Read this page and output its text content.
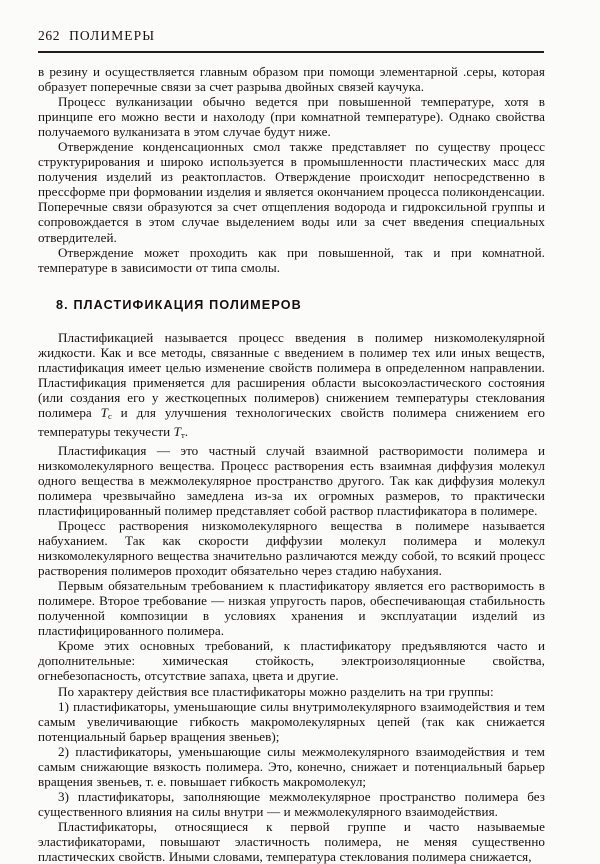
262 ПОЛИМЕРЫ

в резину и осуществляется главным образом при помощи элементарной .серы, которая образует поперечные связи за счет разрыва двойных связей каучука.

Процесс вулканизации обычно ведется при повышенной температуре, хотя в принципе его можно вести и нахолоду (при комнатной температуре). Однако свойства получаемого вулканизата в этом случае будут ниже.

Отверждение конденсационных смол также представляет по существу процесс структурирования и широко используется в промышленности пластических масс для получения изделий из реактопластов. Отверждение происходит непосредственно в прессформе при формовании изделия и является окончанием процесса поликонденсации. Поперечные связи образуются за счет отщепления водорода и гидроксильной группы и сопровождается в этом случае выделением воды или за счет введения специальных отвердителей.

Отверждение может проходить как при повышенной, так и при комнатной. температуре в зависимости от типа смолы.

8. ПЛАСТИФИКАЦИЯ ПОЛИМЕРОВ

Пластификацией называется процесс введения в полимер низкомолекулярной жидкости. Как и все методы, связанные с введением в полимер тех или иных веществ, пластификация имеет целью изменение свойств полимера в определенном направлении. Пластификация применяется для расширения области высокоэластического состояния (или создания его у жесткоцепных полимеров) снижением температуры стеклования полимера $T_с$ и для улучшения технологических свойств полимера снижением его температуры текучести $T_т$.

Пластификация — это частный случай взаимной растворимости полимера и низкомолекулярного вещества. Процесс растворения есть взаимная диффузия молекул одного вещества в межмолекулярное пространство другого. Так как диффузия молекул полимера чрезвычайно замедлена из-за их огромных размеров, то практически пластифицированный полимер представляет собой раствор пластификатора в полимере.

Процесс растворения низкомолекулярного вещества в полимере называется набуханием. Так как скорости диффузии молекул полимера и молекул низкомолекулярного вещества значительно различаются между собой, то всякий процесс растворения полимеров проходит обязательно через стадию набухания.

Первым обязательным требованием к пластификатору является его растворимость в полимере. Второе требование — низкая упругость паров, обеспечивающая стабильность полученной композиции в условиях хранения и эксплуатации изделий из пластифицированного полимера.

Кроме этих основных требований, к пластификатору предъявляются часто и дополнительные: химическая стойкость, электроизоляционные свойства, огнебезопасность, отсутствие запаха, цвета и другие.

По характеру действия все пластификаторы можно разделить на три группы:

1) пластификаторы, уменьшающие силы внутримолекулярного взаимодействия и тем самым увеличивающие гибкость макромолекулярных цепей (так как снижается потенциальный барьер вращения звеньев);

2) пластификаторы, уменьшающие силы межмолекулярного взаимодействия и тем самым снижающие вязкость полимера. Это, конечно, снижает и потенциальный барьер вращения звеньев, т. е. повышает гибкость макромолекул;

3) пластификаторы, заполняющие межмолекулярное пространство полимера без существенного влияния на силы внутри — и межмолекулярного взаимодействия.

Пластификаторы, относящиеся к первой группе и часто называемые эластификаторами, повышают эластичность полимера, не меняя существенно пластических свойств. Иными словами, температура стеклования полимера снижается,
